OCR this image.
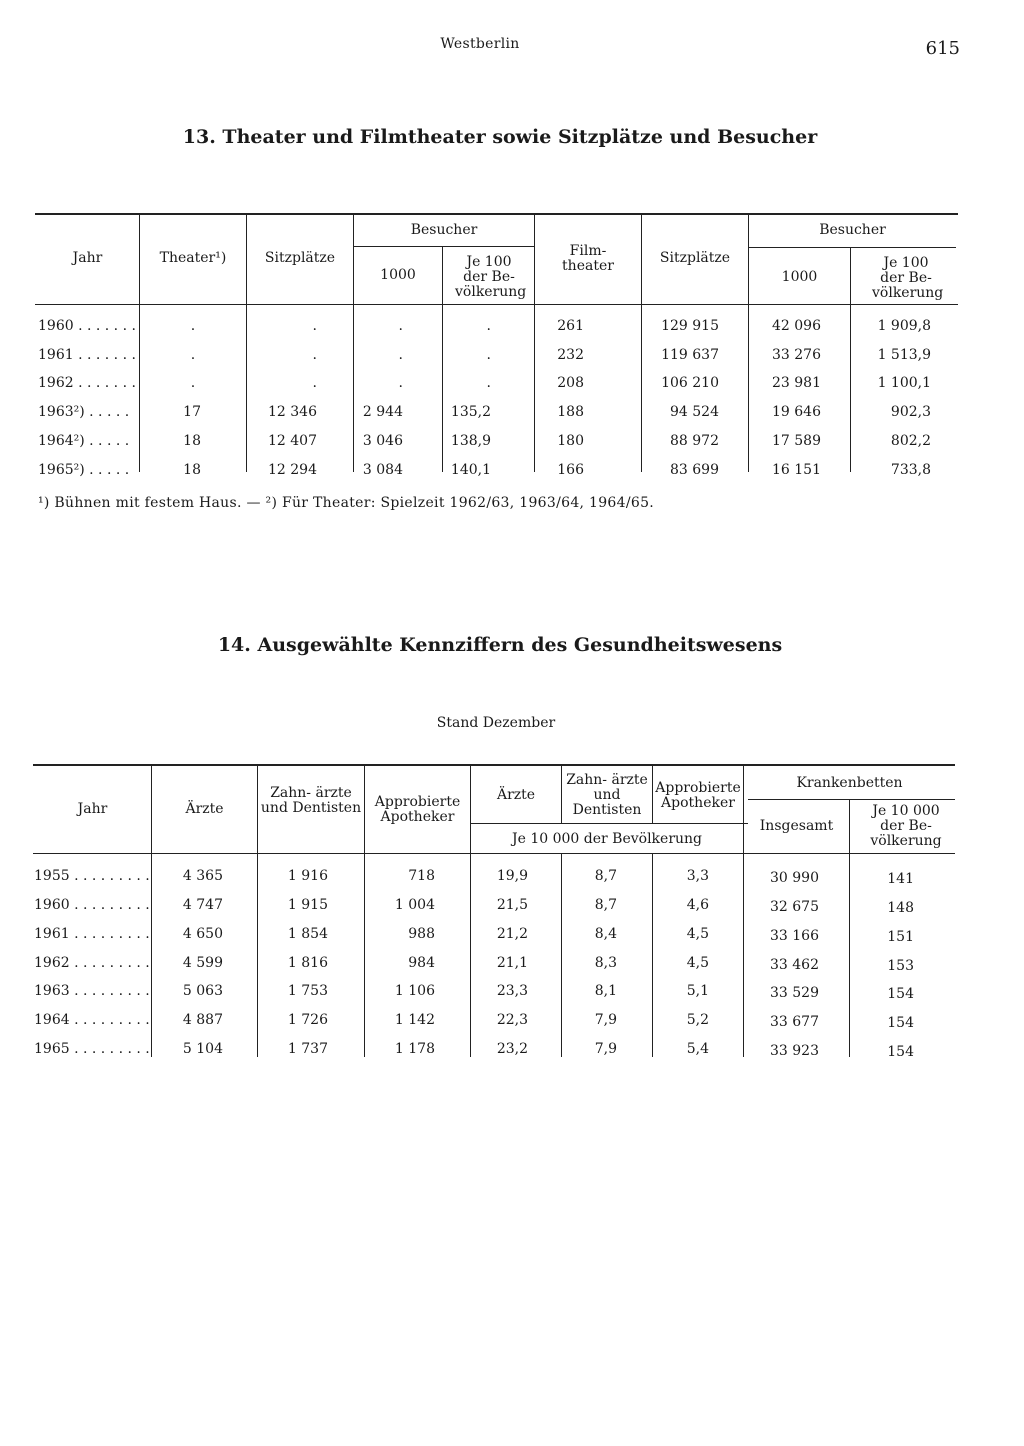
Westberlin	615
13. Theater und Filmtheater sowie Sitzplätze und Besucher
Jahr	Theater¹)	Sitzplätze
Besucher
1000
Je 100 der Be- völkerung
Film- theater	Sitzplätze
Besucher
1000
Je 100 der Be- völkerung
1960 . . . . . . .	.	.	.	.	261	129 915	42 096	1 909,8
1961 . . . . . . .	.	.	.	.	232	119 637	33 276	1 513,9
1962 . . . . . . .	.	.	.	.	208	106 210	23 981	1 100,1
1963²) . . . . .	17	12 346	2 944	135,2	188	94 524	19 646	902,3
1964²) . . . . .	18	12 407	3 046	138,9	180	88 972	17 589	802,2
1965²) . . . . .	18	12 294	3 084	140,1	166	83 699	16 151	733,8
¹) Bühnen mit festem Haus. — ²) Für Theater: Spielzeit 1962/63, 1963/64, 1964/65.
14. Ausgewählte Kennziffern des Gesundheitswesens
Stand Dezember
Jahr	Ärzte
Zahn- ärzte und Dentisten Approbierte Apotheker
Ärzte
Zahn- ärzte und Dentisten
Approbierte Apotheker
Je 10 000 der Bevölkerung
Krankenbetten
Insgesamt
Je 10 000 der Be- völkerung
1955 . . . . . . . . .	4 365	1 916	718	19,9	8,7	3,3	30 990	141
1960 . . . . . . . . .	4 747	1 915	1 004	21,5	8,7	4,6	32 675	148
1961 . . . . . . . . .	4 650	1 854	988	21,2	8,4	4,5	33 166	151
1962 . . . . . . . . .	4 599	1 816	984	21,1	8,3	4,5	33 462	153
1963 . . . . . . . . .	5 063	1 753	1 106	23,3	8,1	5,1	33 529	154
1964 . . . . . . . . .	4 887	1 726	1 142	22,3	7,9	5,2	33 677	154
1965 . . . . . . . . .	5 104	1 737	1 178	23,2	7,9	5,4	33 923	154
